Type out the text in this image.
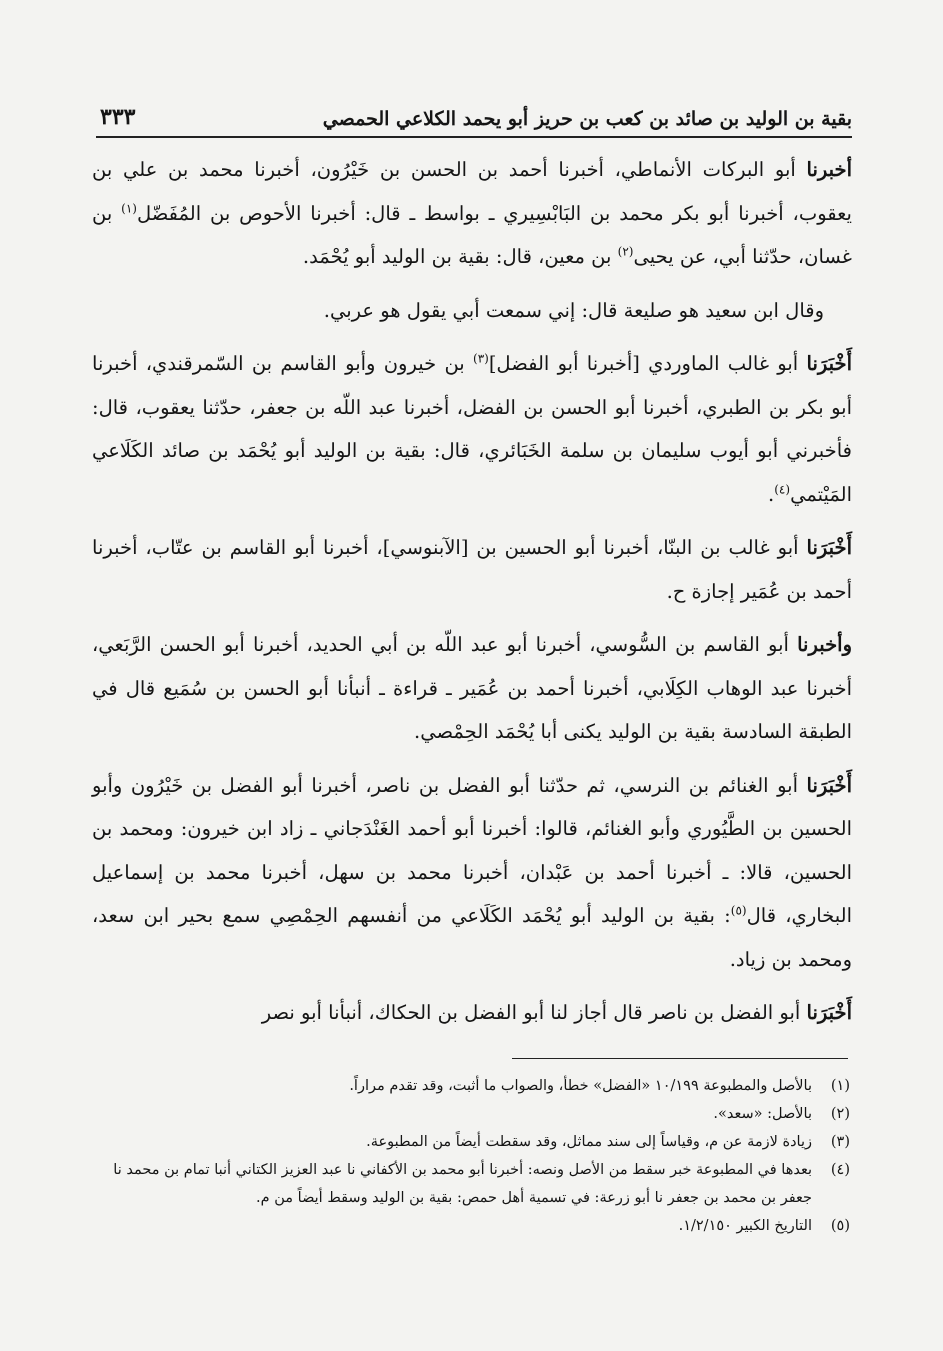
بقية بن الوليد بن صائد بن كعب بن حريز أبو يحمد الكلاعي الحمصي
٣٣٣

أخبرنا أبو البركات الأنماطي، أخبرنا أحمد بن الحسن بن خَيْرُون، أخبرنا محمد بن علي بن يعقوب، أخبرنا أبو بكر محمد بن البَابْسِيري ـ بواسط ـ قال: أخبرنا الأحوص بن المُفَضّل$^{(١)}$ بن غسان، حدّثنا أبي، عن يحيى$^{(٢)}$ بن معين، قال: بقية بن الوليد أبو يُحْمَد.

وقال ابن سعيد هو صليعة قال: إني سمعت أبي يقول هو عربي.

أَخْبَرَنا أبو غالب الماوردي [أخبرنا أبو الفضل]$^{(٣)}$ بن خيرون وأبو القاسم بن السّمرقندي، أخبرنا أبو بكر بن الطبري، أخبرنا أبو الحسن بن الفضل، أخبرنا عبد اللّه بن جعفر، حدّثنا يعقوب، قال: فأخبرني أبو أيوب سليمان بن سلمة الخَبَائري، قال: بقية بن الوليد أبو يُحْمَد بن صائد الكَلَاعي المَيْتمي$^{(٤)}$.

أَخْبَرَنا أبو غالب بن البنّا، أخبرنا أبو الحسين بن [الآبنوسي]، أخبرنا أبو القاسم بن عتّاب، أخبرنا أحمد بن عُمَير إجازة ح.

وأخبرنا أبو القاسم بن السُّوسي، أخبرنا أبو عبد اللّه بن أبي الحديد، أخبرنا أبو الحسن الرَّبَعي، أخبرنا عبد الوهاب الكِلَابي، أخبرنا أحمد بن عُمَير ـ قراءة ـ أنبأنا أبو الحسن بن سُمَيع قال في الطبقة السادسة بقية بن الوليد يكنى أبا يُحْمَد الحِمْصي.

أَخْبَرَنا أبو الغنائم بن النرسي، ثم حدّثنا أبو الفضل بن ناصر، أخبرنا أبو الفضل بن خَيْرُون وأبو الحسين بن الطَّيُوري وأبو الغنائم، قالوا: أخبرنا أبو أحمد الغَنْدَجاني ـ زاد ابن خيرون: ومحمد بن الحسين، قالا: ـ أخبرنا أحمد بن عَبْدان، أخبرنا محمد بن سهل، أخبرنا محمد بن إسماعيل البخاري، قال$^{(٥)}$: بقية بن الوليد أبو يُحْمَد الكَلَاعي من أنفسهم الحِمْصِي سمع بحير ابن سعد، ومحمد بن زياد.

أَخْبَرَنا أبو الفضل بن ناصر قال أجاز لنا أبو الفضل بن الحكاك، أنبأنا أبو نصر

(١)
بالأصل والمطبوعة ١٠/١٩٩ «الفضل» خطأ، والصواب ما أثبت، وقد تقدم مراراً.
(٢)
بالأصل: «سعد».
(٣)
زيادة لازمة عن م، وقياساً إلى سند مماثل، وقد سقطت أيضاً من المطبوعة.
(٤)
بعدها في المطبوعة خبر سقط من الأصل ونصه: أخبرنا أبو محمد بن الأكفاني نا عبد العزيز الكتاني أنبا تمام بن محمد نا جعفر بن محمد بن جعفر نا أبو زرعة: في تسمية أهل حمص: بقية بن الوليد وسقط أيضاً من م.
(٥)
التاريخ الكبير ١/٢/١٥٠.
